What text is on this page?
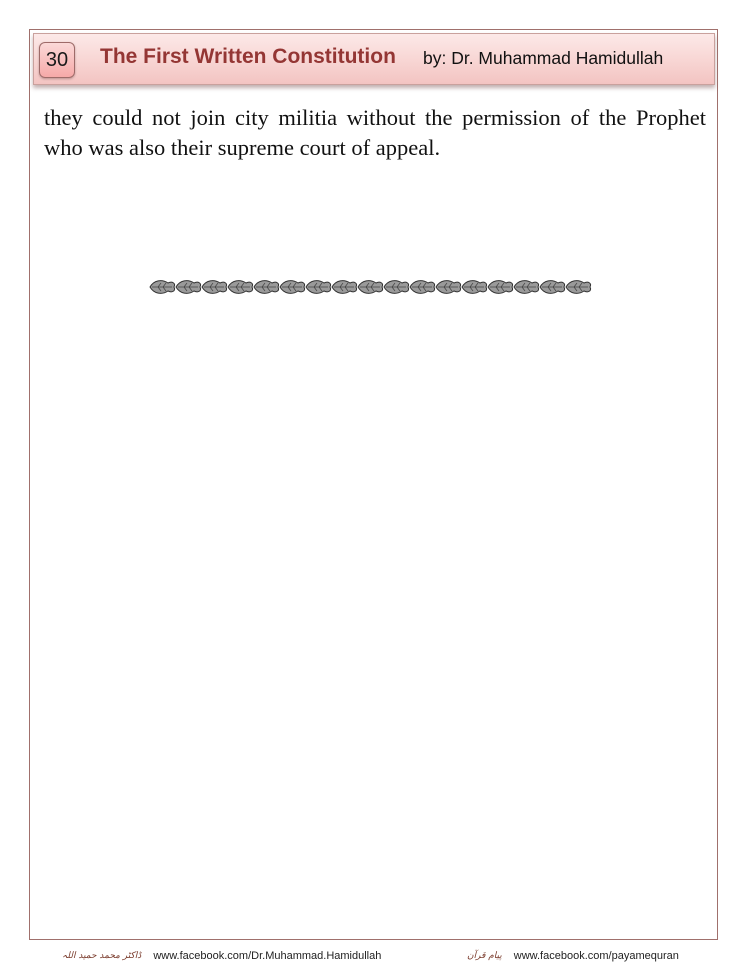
30	The First Written Constitution by: Dr. Muhammad Hamidullah
they could not join city militia without the permission of the Prophet who was also their supreme court of appeal.
ڈاکٹر محمد حمید اللہ www.facebook.com/Dr.Muhammad.Hamidullah	پیام قرآن www.facebook.com/payamequran
